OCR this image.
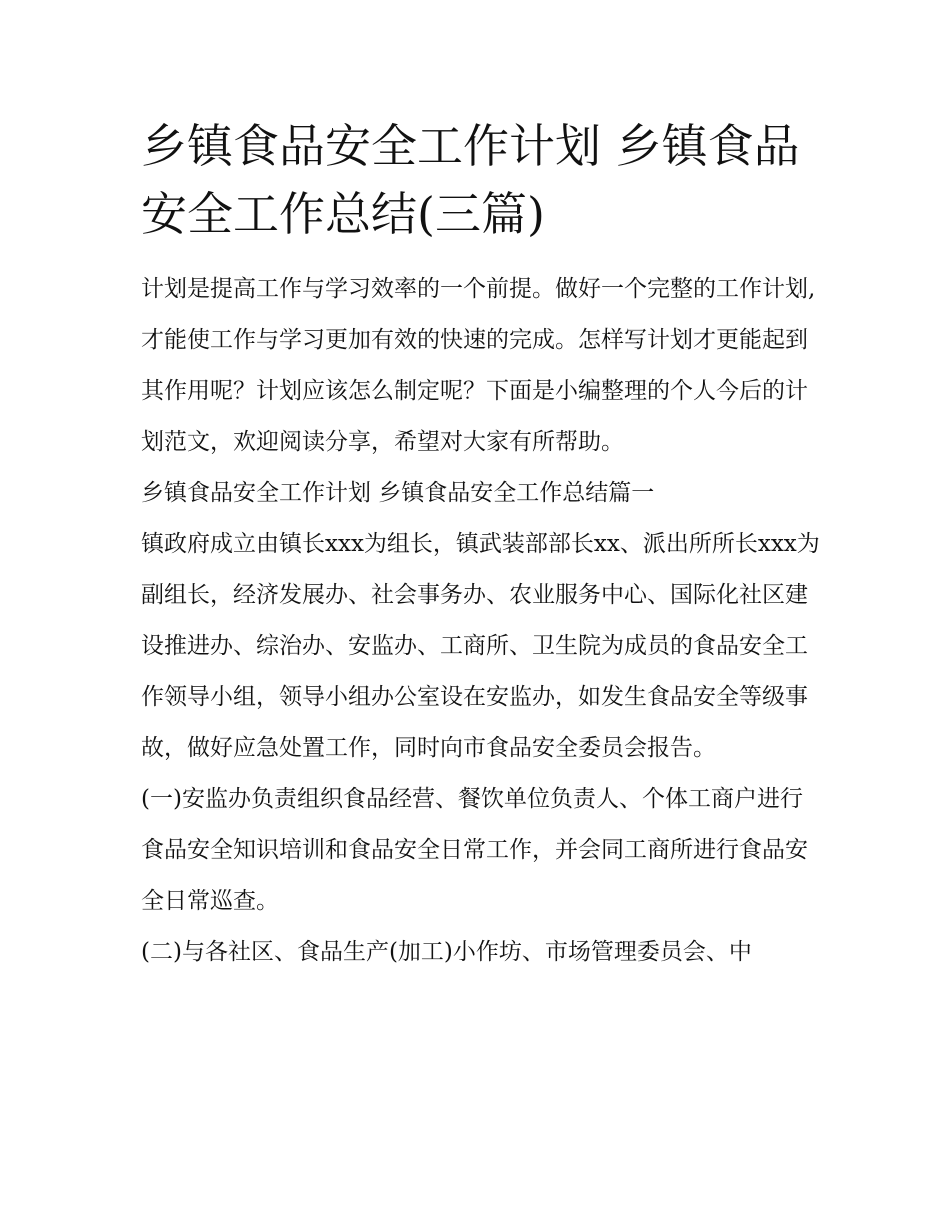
乡镇食品安全工作计划 乡镇食品安全工作总结(三篇)

计划是提高工作与学习效率的一个前提。做好一个完整的工作计划,才能使工作与学习更加有效的快速的完成。怎样写计划才更能起到其作用呢？计划应该怎么制定呢？下面是小编整理的个人今后的计划范文，欢迎阅读分享，希望对大家有所帮助。

乡镇食品安全工作计划 乡镇食品安全工作总结篇一

镇政府成立由镇长xxx为组长，镇武装部部长xx、派出所所长xxx为副组长，经济发展办、社会事务办、农业服务中心、国际化社区建设推进办、综治办、安监办、工商所、卫生院为成员的食品安全工作领导小组，领导小组办公室设在安监办，如发生食品安全等级事故，做好应急处置工作，同时向市食品安全委员会报告。

(一)安监办负责组织食品经营、餐饮单位负责人、个体工商户进行食品安全知识培训和食品安全日常工作，并会同工商所进行食品安全日常巡查。

(二)与各社区、食品生产(加工)小作坊、市场管理委员会、中
